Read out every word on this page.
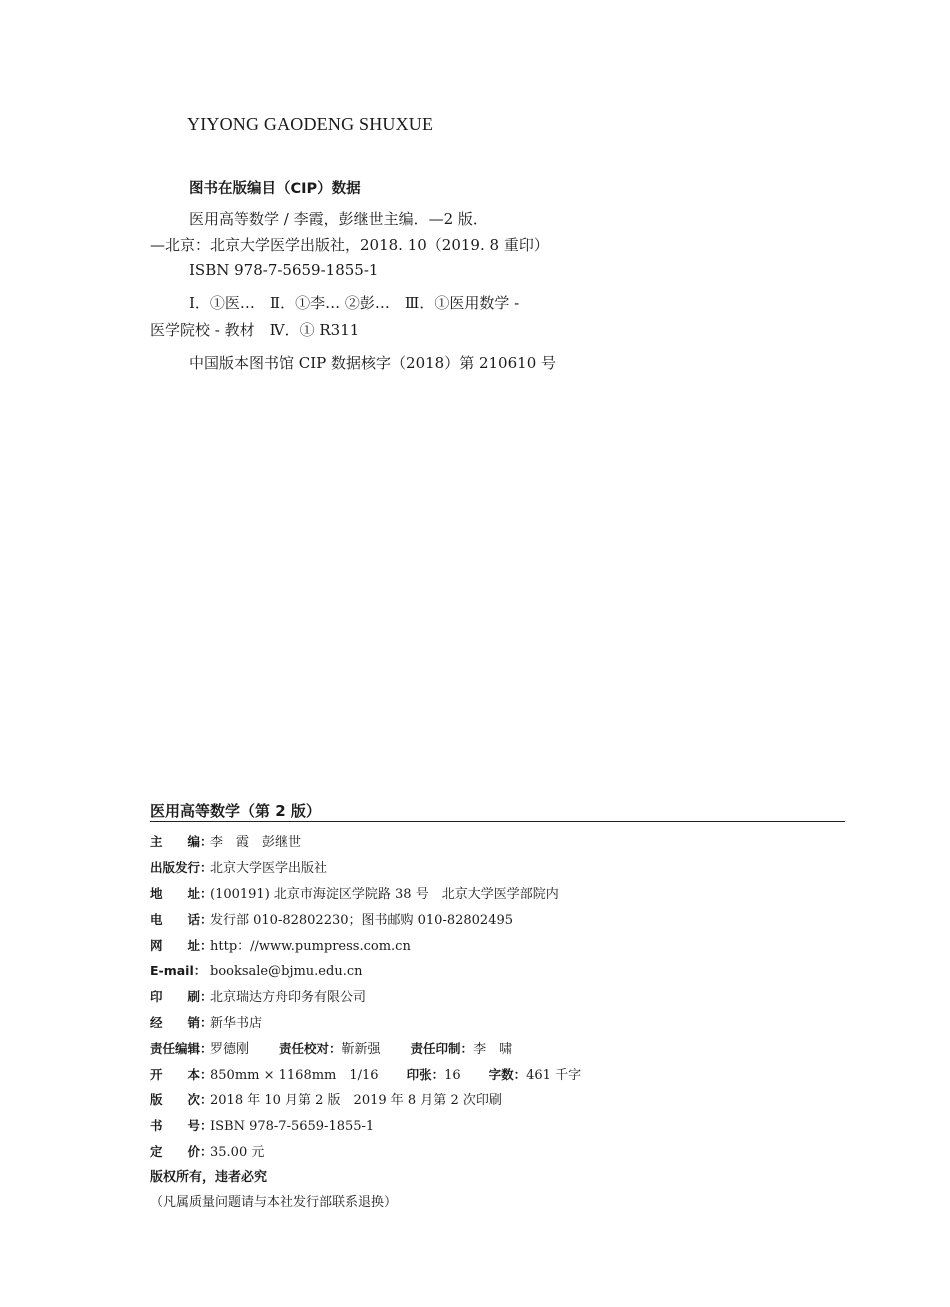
YIYONG GAODENG SHUXUE
图书在版编目（CIP）数据
医用高等数学 / 李霞，彭继世主编．—2 版．
—北京：北京大学医学出版社，2018. 10（2019. 8 重印）
ISBN 978-7-5659-1855-1
Ⅰ．①医…　Ⅱ．①李… ②彭…　Ⅲ．①医用数学 -
医学院校 - 教材　Ⅳ．① R311
中国版本图书馆 CIP 数据核字（2018）第 210610 号
医用高等数学（第 2 版）
主　　编：李　霞　彭继世
出版发行：北京大学医学出版社
地　　址：(100191) 北京市海淀区学院路 38 号　北京大学医学部院内
电　　话：发行部 010-82802230；图书邮购 010-82802495
网　　址：http：//www.pumpress.com.cn
E-mail： booksale@bjmu.edu.cn
印　　刷：北京瑞达方舟印务有限公司
经　　销：新华书店
责任编辑：罗德刚 责任校对：靳新强 责任印制：李　啸
开　　本：850mm × 1168mm　1/16 印张：16 字数：461 千字
版　　次：2018 年 10 月第 2 版　2019 年 8 月第 2 次印刷
书　　号：ISBN 978-7-5659-1855-1
定　　价：35.00 元
版权所有，违者必究
（凡属质量问题请与本社发行部联系退换）
